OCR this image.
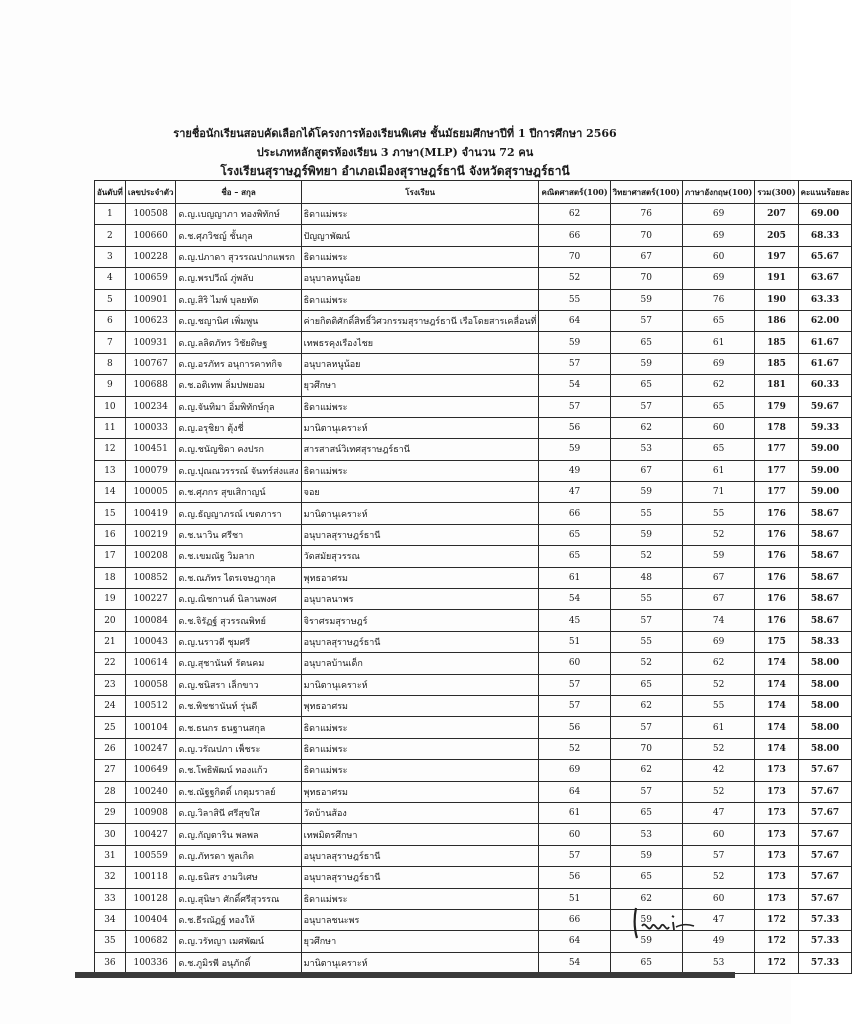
รายชื่อนักเรียนสอบคัดเลือกได้โครงการห้องเรียนพิเศษ ชั้นมัธยมศึกษาปีที่ 1 ปีการศึกษา 2566
ประเภทหลักสูตรห้องเรียน 3 ภาษา(MLP) จำนวน 72 คน
โรงเรียนสุราษฎร์พิทยา อำเภอเมืองสุราษฎร์ธานี จังหวัดสุราษฎร์ธานี
อันดับที่	เลขประจำตัว	ชื่อ – สกุล	โรงเรียน	คณิตศาสตร์(100)	วิทยาศาสตร์(100)	ภาษาอังกฤษ(100)	รวม(300)	คะแนนร้อยละ
1	100508	ด.ญ.เบญญาภา ทองพิทักษ์	ธิดาแม่พระ	62	76	69	207	69.00
2	100660	ด.ช.ศุภวิชญ์ ชั้นกุล	ปัญญาพัฒน์	66	70	69	205	68.33
3	100228	ด.ญ.ปภาดา สุวรรณปากแพรก	ธิดาแม่พระ	70	67	60	197	65.67
4	100659	ด.ญ.พรปวีณ์ ภู่พลับ	อนุบาลหนูน้อย	52	70	69	191	63.67
5	100901	ด.ญ.สิริ ไมพ์ บุลยทัต	ธิดาแม่พระ	55	59	76	190	63.33
6	100623	ด.ญ.ชญานิศ เพิ่มพูน	ค่ายกิตติศักดิ์สิทธิ์วิศวกรรมสุราษฎร์ธานี เรือโดยสารเคลื่อนที่	64	57	65	186	62.00
7	100931	ด.ญ.ลลิตภัทร วิชัยดิษฐ	เทพธรคุงเรืองไชย	59	65	61	185	61.67
8	100767	ด.ญ.อรภัทร อนุการคาทกิจ	อนุบาลหนูน้อย	57	59	69	185	61.67
9	100688	ด.ช.อติเทพ ลิ่มปพยอม	ยุวศึกษา	54	65	62	181	60.33
10	100234	ด.ญ.จันทิมา อิ่มพิทักษ์กุล	ธิดาแม่พระ	57	57	65	179	59.67
11	100033	ด.ญ.อรุชิยา ตุ้งชี่	มานิตานุเคราะห์	56	62	60	178	59.33
12	100451	ด.ญ.ชนัญชิดา คงปรก	สารสาสน์วิเทศสุราษฎร์ธานี	59	53	65	177	59.00
13	100079	ด.ญ.ปุณณวรรรณ์ จันทร์ส่งแสง	ธิดาแม่พระ	49	67	61	177	59.00
14	100005	ด.ช.ศุภกร สุขเสิกาญน์	จอย	47	59	71	177	59.00
15	100419	ด.ญ.ธัญญาภรณ์ เขตภารา	มานิตานุเคราะห์	66	55	55	176	58.67
16	100219	ด.ช.นาวิน ศรีชา	อนุบาลสุราษฎร์ธานี	65	59	52	176	58.67
17	100208	ด.ช.เขมณัฐ วิมลาก	วัดสมัยสุวรรณ	65	52	59	176	58.67
18	100852	ด.ช.ณภัทร ไตรเจษฎากุล	พุทธอาศรม	61	48	67	176	58.67
19	100227	ด.ญ.ณิชกานต์ นิลานพงศ	อนุบาลนาพร	54	55	67	176	58.67
20	100084	ด.ช.จิรัฏฐ์ สุวรรณพิทย์	จิราศรมสุราษฎร์	45	57	74	176	58.67
21	100043	ด.ญ.นราวดี ชุมศรี	อนุบาลสุราษฎร์ธานี	51	55	69	175	58.33
22	100614	ด.ญ.สุชานันท์ รัตนคม	อนุบาลบ้านเด็ก	60	52	62	174	58.00
23	100058	ด.ญ.ชนิสรา เล็กขาว	มานิตานุเคราะห์	57	65	52	174	58.00
24	100512	ด.ช.พิชชานันท์ รุ่นดี	พุทธอาศรม	57	62	55	174	58.00
25	100104	ด.ช.ธนกร ธนฐานสกุล	ธิดาแม่พระ	56	57	61	174	58.00
26	100247	ด.ญ.วรัณปภา เพ็ชระ	ธิดาแม่พระ	52	70	52	174	58.00
27	100649	ด.ช.โพธิพัฒน์ ทองแก้ว	ธิดาแม่พระ	69	62	42	173	57.67
28	100240	ด.ช.ณัฐฐกิตติ์ เกตุมราลย์	พุทธอาศรม	64	57	52	173	57.67
29	100908	ด.ญ.วิลาสินี ศรีสุขใส	วัดบ้านส้อง	61	65	47	173	57.67
30	100427	ด.ญ.กัญตาริน พลพล	เทพมิตรศึกษา	60	53	60	173	57.67
31	100559	ด.ญ.ภัทรดา พูลเกิด	อนุบาลสุราษฎร์ธานี	57	59	57	173	57.67
32	100118	ด.ญ.ธนิสร งามวิเศษ	อนุบาลสุราษฎร์ธานี	56	65	52	173	57.67
33	100128	ด.ญ.สุนิษา ศักดิ์ศรีสุวรรณ	ธิดาแม่พระ	51	62	60	173	57.67
34	100404	ด.ช.ธีรณัฏฐ์ ทองให้	อนุบาลชนะพร	66	59	47	172	57.33
35	100682	ด.ญ.วรัทญา เมศพัฒน์	ยุวศึกษา	64	59	49	172	57.33
36	100336	ด.ช.ภูมิรพี อนุภักดิ์	มานิตานุเคราะห์	54	65	53	172	57.33
